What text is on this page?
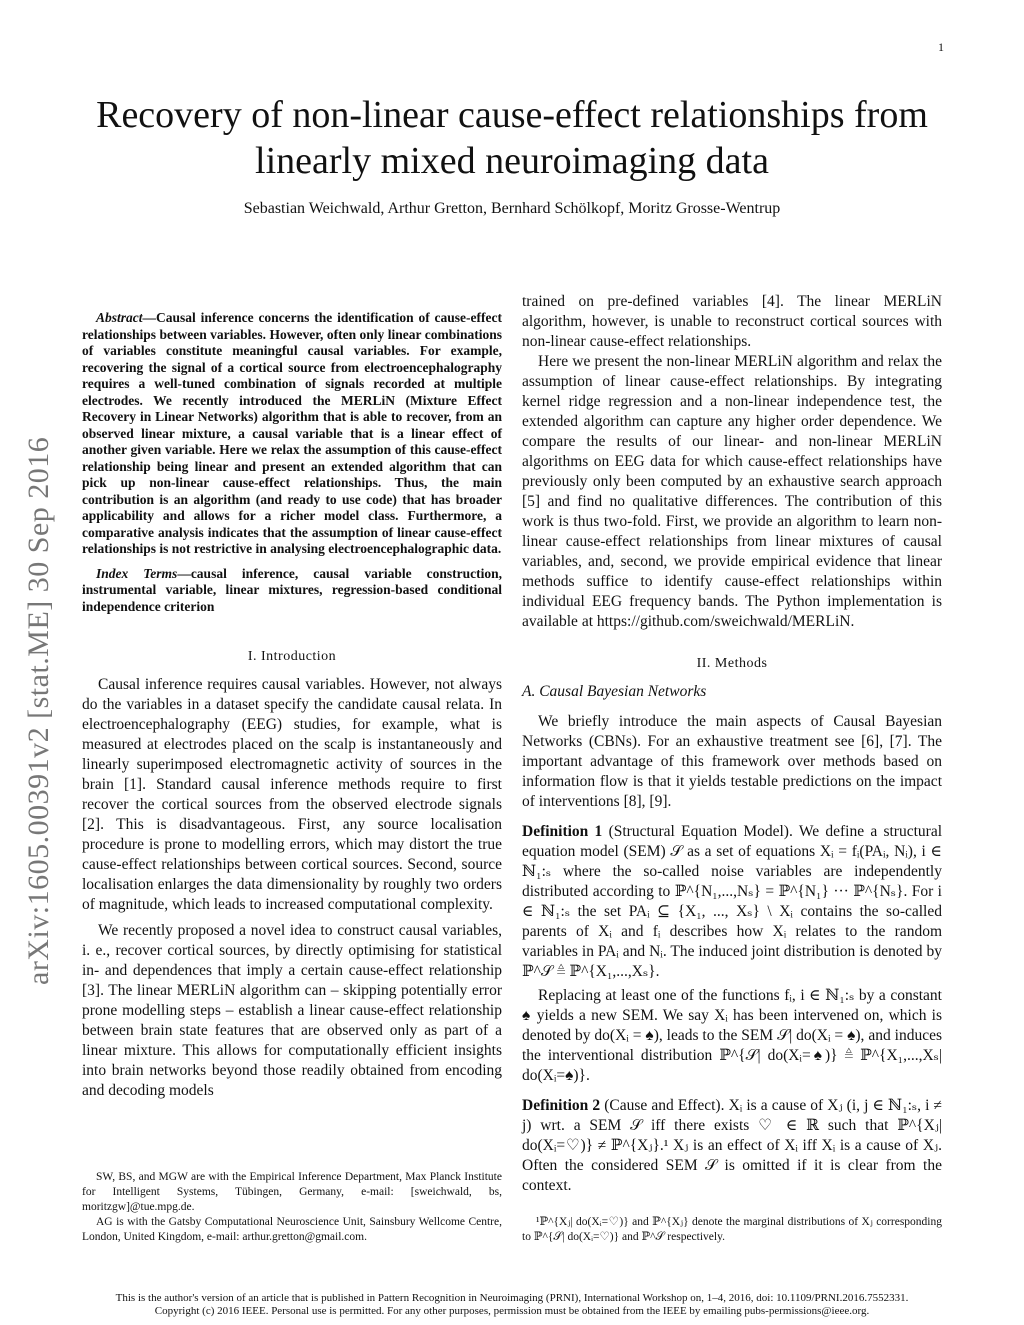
1
arXiv:1605.00391v2 [stat.ME] 30 Sep 2016
Recovery of non-linear cause-effect relationships from linearly mixed neuroimaging data
Sebastian Weichwald, Arthur Gretton, Bernhard Schölkopf, Moritz Grosse-Wentrup
Abstract—Causal inference concerns the identification of cause-effect relationships between variables. However, often only linear combinations of variables constitute meaningful causal variables. For example, recovering the signal of a cortical source from electroencephalography requires a well-tuned combination of signals recorded at multiple electrodes. We recently introduced the MERLiN (Mixture Effect Recovery in Linear Networks) algorithm that is able to recover, from an observed linear mixture, a causal variable that is a linear effect of another given variable. Here we relax the assumption of this cause-effect relationship being linear and present an extended algorithm that can pick up non-linear cause-effect relationships. Thus, the main contribution is an algorithm (and ready to use code) that has broader applicability and allows for a richer model class. Furthermore, a comparative analysis indicates that the assumption of linear cause-effect relationships is not restrictive in analysing electroencephalographic data.
Index Terms—causal inference, causal variable construction, instrumental variable, linear mixtures, regression-based conditional independence criterion
I. Introduction

Causal inference requires causal variables. However, not always do the variables in a dataset specify the candidate causal relata. In electroencephalography (EEG) studies, for example, what is measured at electrodes placed on the scalp is instantaneously and linearly superimposed electromagnetic activity of sources in the brain [1]. Standard causal inference methods require to first recover the cortical sources from the observed electrode signals [2]. This is disadvantageous. First, any source localisation procedure is prone to modelling errors, which may distort the true cause-effect relationships between cortical sources. Second, source localisation enlarges the data dimensionality by roughly two orders of magnitude, which leads to increased computational complexity.

We recently proposed a novel idea to construct causal variables, i. e., recover cortical sources, by directly optimising for statistical in- and dependences that imply a certain cause-effect relationship [3]. The linear MERLiN algorithm can – skipping potentially error prone modelling steps – establish a linear cause-effect relationship between brain state features that are observed only as part of a linear mixture. This allows for computationally efficient insights into brain networks beyond those readily obtained from encoding and decoding models

SW, BS, and MGW are with the Empirical Inference Department, Max Planck Institute for Intelligent Systems, Tübingen, Germany, e-mail: [sweichwald, bs, moritzgw]@tue.mpg.de.
AG is with the Gatsby Computational Neuroscience Unit, Sainsbury Wellcome Centre, London, United Kingdom, e-mail: arthur.gretton@gmail.com.

trained on pre-defined variables [4]. The linear MERLiN algorithm, however, is unable to reconstruct cortical sources with non-linear cause-effect relationships.

Here we present the non-linear MERLiN algorithm and relax the assumption of linear cause-effect relationships. By integrating kernel ridge regression and a non-linear independence test, the extended algorithm can capture any higher order dependence. We compare the results of our linear- and non-linear MERLiN algorithms on EEG data for which cause-effect relationships have previously only been computed by an exhaustive search approach [5] and find no qualitative differences. The contribution of this work is thus two-fold. First, we provide an algorithm to learn non-linear cause-effect relationships from linear mixtures of causal variables, and, second, we provide empirical evidence that linear methods suffice to identify cause-effect relationships within individual EEG frequency bands. The Python implementation is available at https://github.com/sweichwald/MERLiN.

II. Methods
A. Causal Bayesian Networks

We briefly introduce the main aspects of Causal Bayesian Networks (CBNs). For an exhaustive treatment see [6], [7]. The important advantage of this framework over methods based on information flow is that it yields testable predictions on the impact of interventions [8], [9].

Definition 1 (Structural Equation Model). We define a structural equation model (SEM) 𝒮 as a set of equations Xᵢ = fᵢ(PAᵢ, Nᵢ), i ∈ ℕ₁:ₛ where the so-called noise variables are independently distributed according to ℙ^{N₁,...,Nₛ} = ℙ^{N₁} ··· ℙ^{Nₛ}. For i ∈ ℕ₁:ₛ the set PAᵢ ⊆ {X₁, ..., Xₛ} \ Xᵢ contains the so-called parents of Xᵢ and fᵢ describes how Xᵢ relates to the random variables in PAᵢ and Nᵢ. The induced joint distribution is denoted by ℙ^𝒮 ≜ ℙ^{X₁,...,Xₛ}.

Replacing at least one of the functions fᵢ, i ∈ ℕ₁:ₛ by a constant ♠ yields a new SEM. We say Xᵢ has been intervened on, which is denoted by do(Xᵢ = ♠), leads to the SEM 𝒮| do(Xᵢ = ♠), and induces the interventional distribution ℙ^{𝒮| do(Xᵢ=♠)} ≜ ℙ^{X₁,...,Xₛ| do(Xᵢ=♠)}.

Definition 2 (Cause and Effect). Xᵢ is a cause of Xⱼ (i, j ∈ ℕ₁:ₛ, i ≠ j) wrt. a SEM 𝒮 iff there exists ♡ ∈ ℝ such that ℙ^{Xⱼ| do(Xᵢ=♡)} ≠ ℙ^{Xⱼ}.¹ Xⱼ is an effect of Xᵢ iff Xᵢ is a cause of Xⱼ. Often the considered SEM 𝒮 is omitted if it is clear from the context.

¹ℙ^{Xⱼ| do(Xᵢ=♡)} and ℙ^{Xⱼ} denote the marginal distributions of Xⱼ corresponding to ℙ^{𝒮| do(Xᵢ=♡)} and ℙ^𝒮 respectively.
This is the author's version of an article that is published in Pattern Recognition in Neuroimaging (PRNI), International Workshop on, 1–4, 2016, doi: 10.1109/PRNI.2016.7552331.
Copyright (c) 2016 IEEE. Personal use is permitted. For any other purposes, permission must be obtained from the IEEE by emailing pubs-permissions@ieee.org.
